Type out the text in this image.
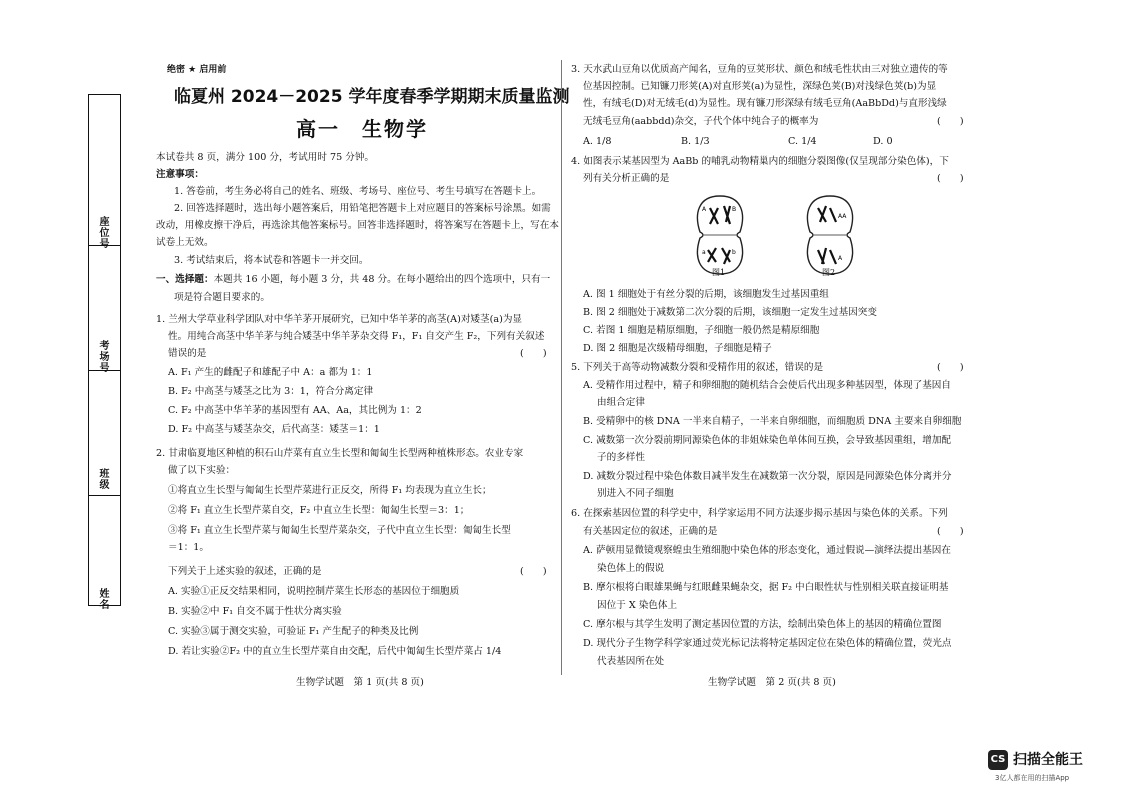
座
位
号
考
场
号
班
级
姓
名
绝密 ★ 启用前
临夏州 2024－2025 学年度春季学期期末质量监测
高一　生物学
本试卷共 8 页，满分 100 分，考试用时 75 分钟。
注意事项：
1. 答卷前，考生务必将自己的姓名、班级、考场号、座位号、考生号填写在答题卡上。
2. 回答选择题时，选出每小题答案后，用铅笔把答题卡上对应题目的答案标号涂黑。如需
改动，用橡皮擦干净后，再选涂其他答案标号。回答非选择题时，将答案写在答题卡上，写在本
试卷上无效。
3. 考试结束后，将本试卷和答题卡一并交回。
一、选择题：本题共 16 小题，每小题 3 分，共 48 分。在每小题给出的四个选项中，只有一
项是符合题目要求的。
1. 兰州大学草业科学团队对中华羊茅开展研究，已知中华羊茅的高茎(A)对矮茎(a)为显
性。用纯合高茎中华羊茅与纯合矮茎中华羊茅杂交得 F₁，F₁ 自交产生 F₂，下列有关叙述
错误的是	(　　)
A. F₁ 产生的雌配子和雄配子中 A：a 都为 1：1
B. F₂ 中高茎与矮茎之比为 3：1，符合分离定律
C. F₂ 中高茎中华羊茅的基因型有 AA、Aa，其比例为 1：2
D. F₂ 中高茎与矮茎杂交，后代高茎：矮茎＝1：1
2. 甘肃临夏地区种植的积石山芹菜有直立生长型和匍匐生长型两种植株形态。农业专家
做了以下实验：
①将直立生长型与匍匐生长型芹菜进行正反交，所得 F₁ 均表现为直立生长；
②将 F₁ 直立生长型芹菜自交，F₂ 中直立生长型：匍匐生长型＝3：1；
③将 F₁ 直立生长型芹菜与匍匐生长型芹菜杂交，子代中直立生长型：匍匐生长型
＝1：1。
下列关于上述实验的叙述，正确的是	(　　)
A. 实验①正反交结果相同，说明控制芹菜生长形态的基因位于细胞质
B. 实验②中 F₁ 自交不属于性状分离实验
C. 实验③属于测交实验，可验证 F₁ 产生配子的种类及比例
D. 若让实验②F₂ 中的直立生长型芹菜自由交配，后代中匍匐生长型芹菜占 1/4
生物学试题　第 1 页(共 8 页)
3. 天水武山豆角以优质高产闻名，豆角的豆荚形状、颜色和绒毛性状由三对独立遗传的等
位基因控制。已知镰刀形荚(A)对直形荚(a)为显性，深绿色荚(B)对浅绿色荚(b)为显
性，有绒毛(D)对无绒毛(d)为显性。现有镰刀形深绿有绒毛豆角(AaBbDd)与直形浅绿
无绒毛豆角(aabbdd)杂交，子代个体中纯合子的概率为	(　　)
A. 1/8	B. 1/3	C. 1/4	D. 0
4. 如图表示某基因型为 AaBb 的哺乳动物精巢内的细胞分裂图像(仅呈现部分染色体)，下
列有关分析正确的是	(　　)
A	B
a	b
图1
AA
A
图2
A. 图 1 细胞处于有丝分裂的后期，该细胞发生过基因重组
B. 图 2 细胞处于减数第二次分裂的后期，该细胞一定发生过基因突变
C. 若图 1 细胞是精原细胞，子细胞一般仍然是精原细胞
D. 图 2 细胞是次级精母细胞，子细胞是精子
5. 下列关于高等动物减数分裂和受精作用的叙述，错误的是	(　　)
A. 受精作用过程中，精子和卵细胞的随机结合会使后代出现多种基因型，体现了基因自
由组合定律
B. 受精卵中的核 DNA 一半来自精子，一半来自卵细胞，而细胞质 DNA 主要来自卵细胞
C. 减数第一次分裂前期同源染色体的非姐妹染色单体间互换，会导致基因重组，增加配
子的多样性
D. 减数分裂过程中染色体数目减半发生在减数第一次分裂，原因是同源染色体分离并分
别进入不同子细胞
6. 在探索基因位置的科学史中，科学家运用不同方法逐步揭示基因与染色体的关系。下列
有关基因定位的叙述，正确的是	(　　)
A. 萨顿用显微镜观察蝗虫生殖细胞中染色体的形态变化，通过假说—演绎法提出基因在
染色体上的假说
B. 摩尔根将白眼雄果蝇与红眼雌果蝇杂交，据 F₂ 中白眼性状与性别相关联直接证明基
因位于 X 染色体上
C. 摩尔根与其学生发明了测定基因位置的方法，绘制出染色体上的基因的精确位置图
D. 现代分子生物学科学家通过荧光标记法将特定基因定位在染色体的精确位置，荧光点
代表基因所在处
生物学试题　第 2 页(共 8 页)
CS 扫描全能王
3亿人都在用的扫描App
